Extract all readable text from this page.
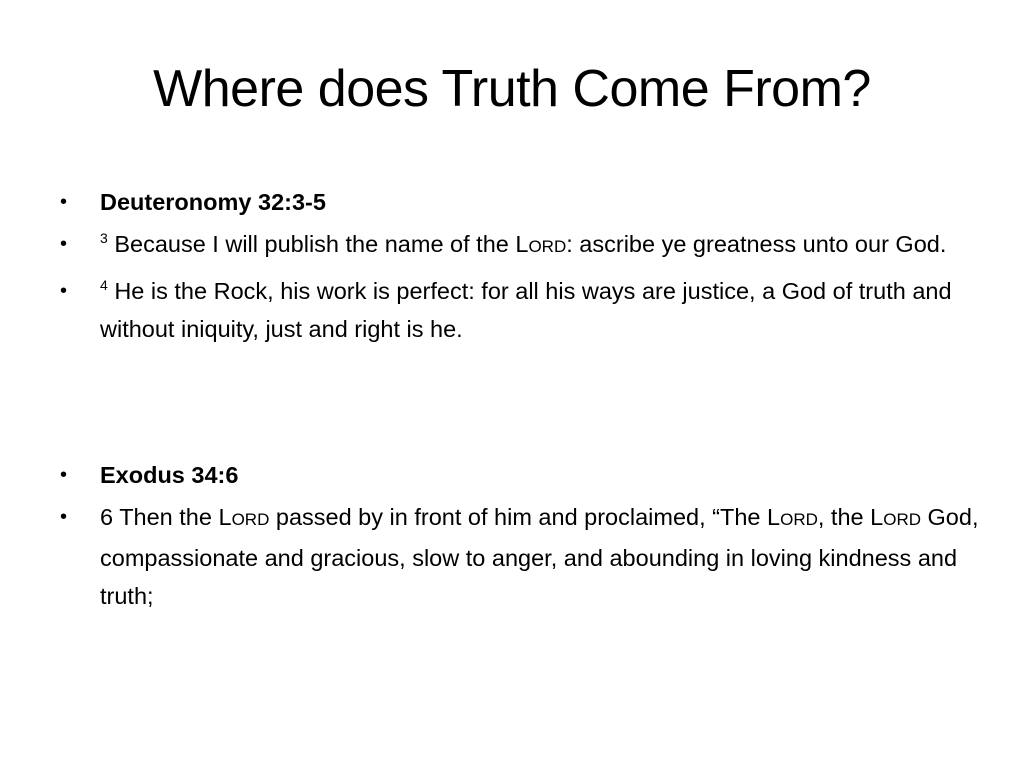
Where does Truth Come From?
•	Deuteronomy 32:3-5
•	$^3$ Because I will publish the name of the LORD: ascribe ye greatness unto our God.
•	$^4$ He is the Rock, his work is perfect: for all his ways are justice, a God of truth and without iniquity, just and right is he.
•	Exodus 34:6
•	6 Then the LORD passed by in front of him and proclaimed, “The LORD, the LORD God, compassionate and gracious, slow to anger, and abounding in loving kindness and truth;
